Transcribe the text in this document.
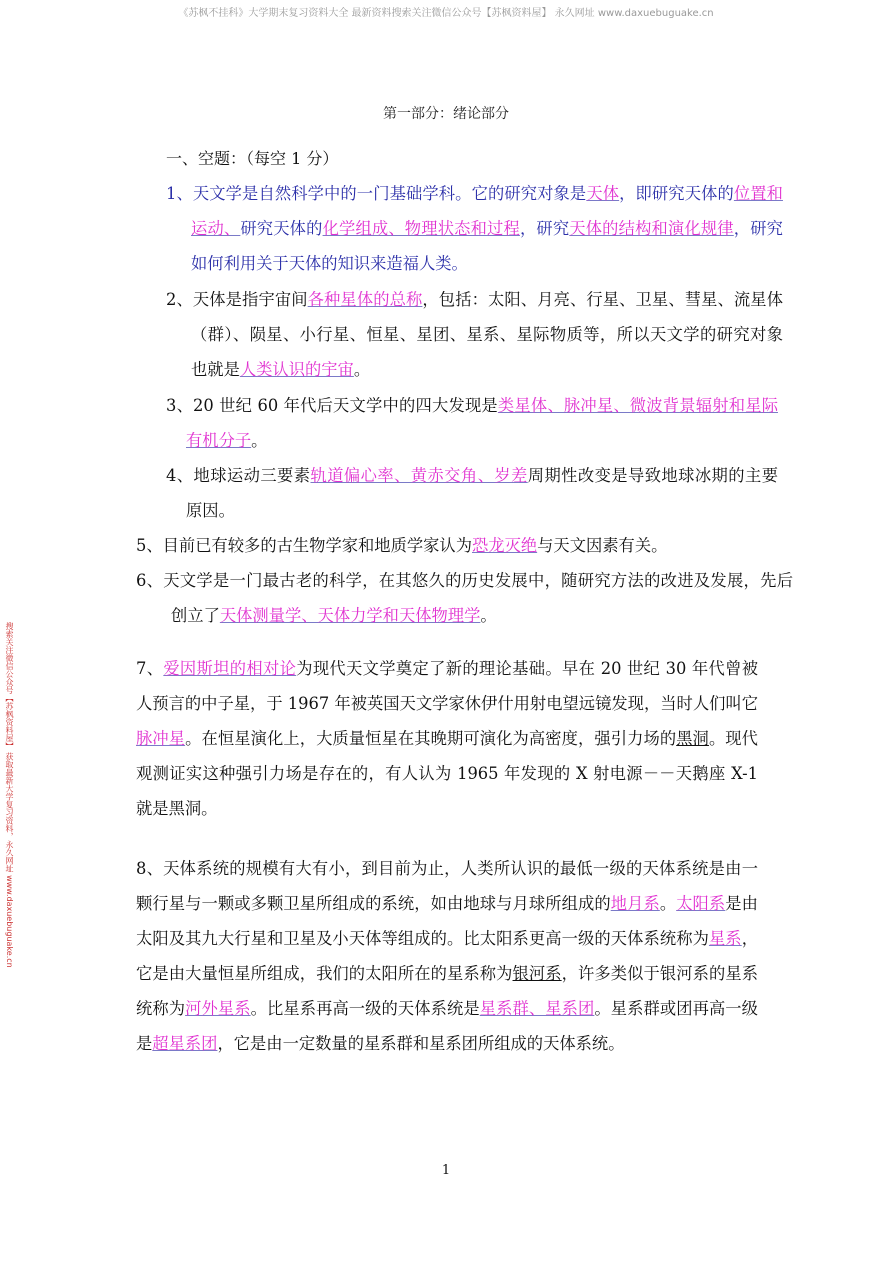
《苏枫不挂科》大学期末复习资料大全 最新资料搜索关注微信公众号【苏枫资料屋】 永久网址 www.daxuebuguake.cn
搜索关注微信公众号【苏枫资料屋】 获取最新大学复习资料，永久网址 www.daxuebuguake.cn
第一部分：绪论部分
一、空题：（每空 1 分）

1、天文学是自然科学中的一门基础学科。它的研究对象是天体，即研究天体的位置和运动、研究天体的化学组成、物理状态和过程，研究天体的结构和演化规律，研究如何利用关于天体的知识来造福人类。

2、天体是指宇宙间各种星体的总称，包括：太阳、月亮、行星、卫星、彗星、流星体（群）、陨星、小行星、恒星、星团、星系、星际物质等，所以天文学的研究对象也就是人类认识的宇宙。

3、20 世纪 60 年代后天文学中的四大发现是类星体、脉冲星、微波背景辐射和星际有机分子。

4、地球运动三要素轨道偏心率、黄赤交角、岁差周期性改变是导致地球冰期的主要原因。

5、目前已有较多的古生物学家和地质学家认为恐龙灭绝与天文因素有关。

6、天文学是一门最古老的科学，在其悠久的历史发展中，随研究方法的改进及发展，先后创立了天体测量学、天体力学和天体物理学。

7、爱因斯坦的相对论为现代天文学奠定了新的理论基础。早在 20 世纪 30 年代曾被人预言的中子星，于 1967 年被英国天文学家休伊什用射电望远镜发现，当时人们叫它脉冲星。在恒星演化上，大质量恒星在其晚期可演化为高密度，强引力场的黑洞。现代观测证实这种强引力场是存在的，有人认为 1965 年发现的 X 射电源－－天鹅座 X-1 就是黑洞。

8、天体系统的规模有大有小，到目前为止，人类所认识的最低一级的天体系统是由一颗行星与一颗或多颗卫星所组成的系统，如由地球与月球所组成的地月系。太阳系是由太阳及其九大行星和卫星及小天体等组成的。比太阳系更高一级的天体系统称为星系，它是由大量恒星所组成，我们的太阳所在的星系称为银河系，许多类似于银河系的星系统称为河外星系。比星系再高一级的天体系统是星系群、星系团。星系群或团再高一级是超星系团，它是由一定数量的星系群和星系团所组成的天体系统。

1
